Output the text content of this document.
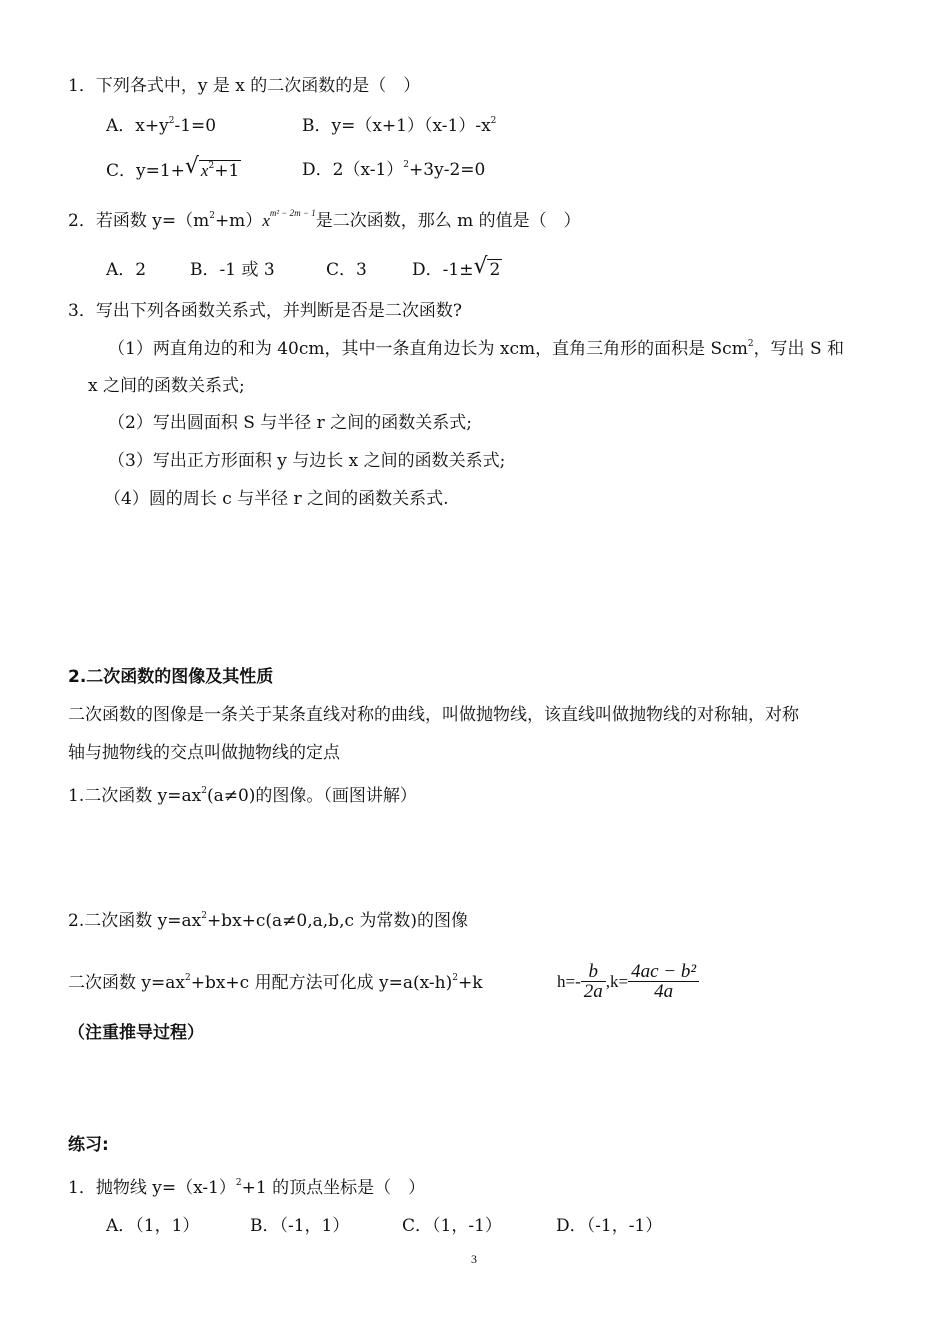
1．下列各式中，y 是 x 的二次函数的是（　）
A．$x+y^2-1=0$	B．$y=(x+1)(x-1)-x^2$
C．y=1+ √ $x^2+1$	D．$2(x-1)^2+3y-2=0$
2．若函数 $y=(m^2+m)x^{m^2 - 2m - 1}$是二次函数，那么 m 的值是（　）
A．2	B．-1 或 3	C．3	D．-1± √ 2
3．写出下列各函数关系式，并判断是否是二次函数?
（1）两直角边的和为 40cm，其中一条直角边长为 xcm，直角三角形的面积是 Scm$^2$，写出 S 和
x 之间的函数关系式;
（2）写出圆面积 S 与半径 r 之间的函数关系式;
（3）写出正方形面积 y 与边长 x 之间的函数关系式;
（4）圆的周长 c 与半径 r 之间的函数关系式.
2.二次函数的图像及其性质
二次函数的图像是一条关于某条直线对称的曲线，叫做抛物线，该直线叫做抛物线的对称轴，对称
轴与抛物线的交点叫做抛物线的定点
1.二次函数 $y=ax^2(a\ne 0)$的图像。（画图讲解）
2.二次函数 $y=ax^2+bx+c(a\ne 0,a,b,c$ 为常数)的图像
二次函数 $y=ax^2+bx+c$ 用配方法可化成 $y=a(x-h)^2+k$	$h=- \frac{b}{2a} ,k= \frac{\text{4ac − b²}}{4a}$
（注重推导过程）
练习:
1．抛物线 $y=(x-1)^2+1$ 的顶点坐标是（　）
A．（1，1）	B．（-1，1）	C．（1，-1）	D．（-1，-1）
3
